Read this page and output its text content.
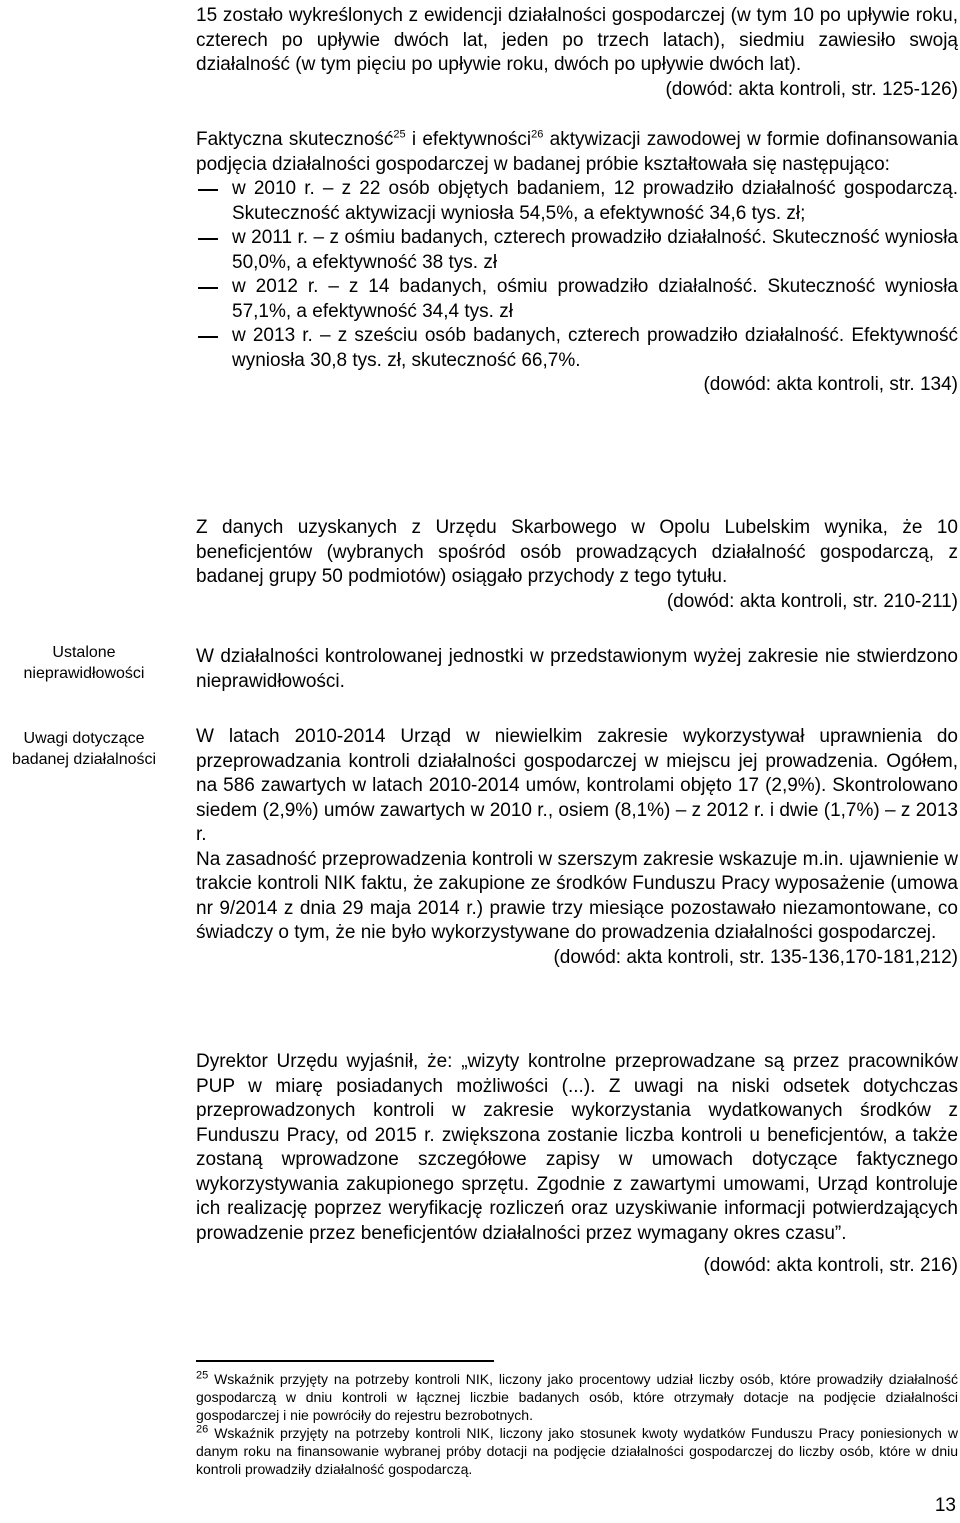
Ustalone nieprawidłowości
Uwagi dotyczące badanej działalności

15 zostało wykreślonych z ewidencji działalności gospodarczej (w tym 10 po upływie roku, czterech po upływie dwóch lat, jeden po trzech latach), siedmiu zawiesiło swoją działalność (w tym pięciu po upływie roku, dwóch po upływie dwóch lat).

(dowód: akta kontroli, str. 125-126)

Faktyczna skuteczność$^{25}$ i efektywności$^{26}$ aktywizacji zawodowej w formie dofinansowania podjęcia działalności gospodarczej w badanej próbie kształtowała się następująco:

w 2010 r. – z 22 osób objętych badaniem, 12 prowadziło działalność gospodarczą. Skuteczność aktywizacji wyniosła 54,5%, a efektywność 34,6 tys. zł;
w 2011 r. – z ośmiu badanych, czterech prowadziło działalność. Skuteczność wyniosła 50,0%, a efektywność 38 tys. zł
w 2012 r. – z 14 badanych, ośmiu prowadziło działalność. Skuteczność wyniosła 57,1%, a efektywność 34,4 tys. zł
w 2013 r. – z sześciu osób badanych, czterech prowadziło działalność. Efektywność wyniosła 30,8 tys. zł, skuteczność 66,7%.

(dowód: akta kontroli, str. 134)

Z danych uzyskanych z Urzędu Skarbowego w Opolu Lubelskim wynika, że 10 beneficjentów (wybranych spośród osób prowadzących działalność gospodarczą, z badanej grupy 50 podmiotów) osiągało przychody z tego tytułu.

(dowód: akta kontroli, str. 210-211)

W działalności kontrolowanej jednostki w przedstawionym wyżej zakresie nie stwierdzono nieprawidłowości.

W latach 2010-2014 Urząd w niewielkim zakresie wykorzystywał uprawnienia do przeprowadzania kontroli działalności gospodarczej w miejscu jej prowadzenia. Ogółem, na 586 zawartych w latach 2010-2014 umów, kontrolami objęto 17 (2,9%). Skontrolowano siedem (2,9%) umów zawartych w 2010 r., osiem (8,1%) – z 2012 r. i dwie (1,7%) – z 2013 r.

Na zasadność przeprowadzenia kontroli w szerszym zakresie wskazuje m.in. ujawnienie w trakcie kontroli NIK faktu, że zakupione ze środków Funduszu Pracy wyposażenie (umowa nr 9/2014 z dnia 29 maja 2014 r.) prawie trzy miesiące pozostawało niezamontowane, co świadczy o tym, że nie było wykorzystywane do prowadzenia działalności gospodarczej.

(dowód: akta kontroli, str. 135-136,170-181,212)

Dyrektor Urzędu wyjaśnił, że: „wizyty kontrolne przeprowadzane są przez pracowników PUP w miarę posiadanych możliwości (...). Z uwagi na niski odsetek dotychczas przeprowadzonych kontroli w zakresie wykorzystania wydatkowanych środków z Funduszu Pracy, od 2015 r. zwiększona zostanie liczba kontroli u beneficjentów, a także zostaną wprowadzone szczegółowe zapisy w umowach dotyczące faktycznego wykorzystywania zakupionego sprzętu. Zgodnie z zawartymi umowami, Urząd kontroluje ich realizację poprzez weryfikację rozliczeń oraz uzyskiwanie informacji potwierdzających prowadzenie przez beneficjentów działalności przez wymagany okres czasu”.

(dowód: akta kontroli, str. 216)

$^{25}$ Wskaźnik przyjęty na potrzeby kontroli NIK, liczony jako procentowy udział liczby osób, które prowadziły działalność gospodarczą w dniu kontroli w łącznej liczbie badanych osób, które otrzymały dotacje na podjęcie działalności gospodarczej i nie powróciły do rejestru bezrobotnych.

$^{26}$ Wskaźnik przyjęty na potrzeby kontroli NIK, liczony jako stosunek kwoty wydatków Funduszu Pracy poniesionych w danym roku na finansowanie wybranej próby dotacji na podjęcie działalności gospodarczej do liczby osób, które w dniu kontroli prowadziły działalność gospodarczą.

13
